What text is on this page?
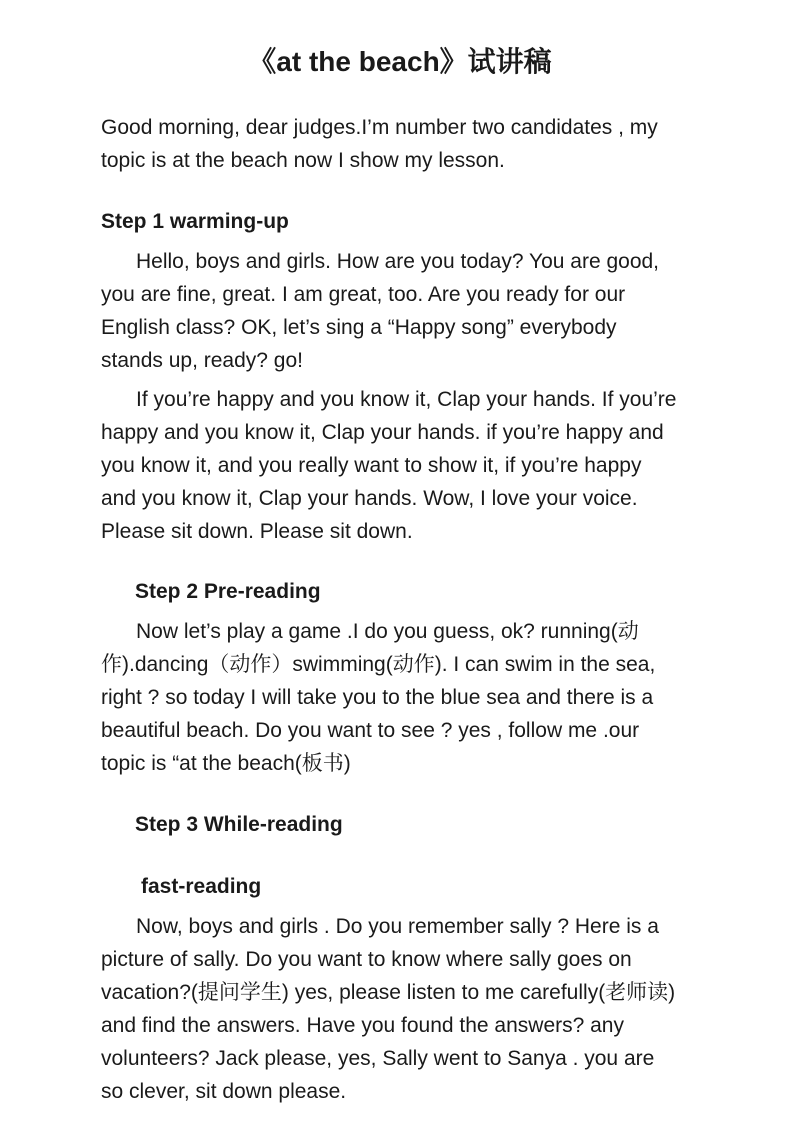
《at the beach》试讲稿

Good morning, dear judges.I’m number two candidates , my topic is at the beach now I show my lesson.

Step 1 warming-up

Hello, boys and girls. How are you today? You are good, you are fine, great. I am great, too. Are you ready for our English class? OK, let’s sing a “Happy song” everybody stands up, ready? go!

If you’re happy and you know it, Clap your hands. If you’re happy and you know it, Clap your hands. if you’re happy and you know it, and you really want to show it, if you’re happy and you know it, Clap your hands. Wow, I love your voice. Please sit down. Please sit down.

Step 2 Pre-reading

Now let’s play a game .I do you guess, ok? running(动作).dancing（动作）swimming(动作). I can swim in the sea, right ? so today I will take you to the blue sea and there is a beautiful beach. Do you want to see ? yes , follow me .our topic is “at the beach(板书)

Step 3 While-reading
fast-reading

Now, boys and girls . Do you remember sally ? Here is a picture of sally. Do you want to know where sally goes on vacation?(提问学生) yes, please listen to me carefully(老师读) and find the answers. Have you found the answers? any volunteers? Jack please, yes, Sally went to Sanya . you are so clever, sit down please.
